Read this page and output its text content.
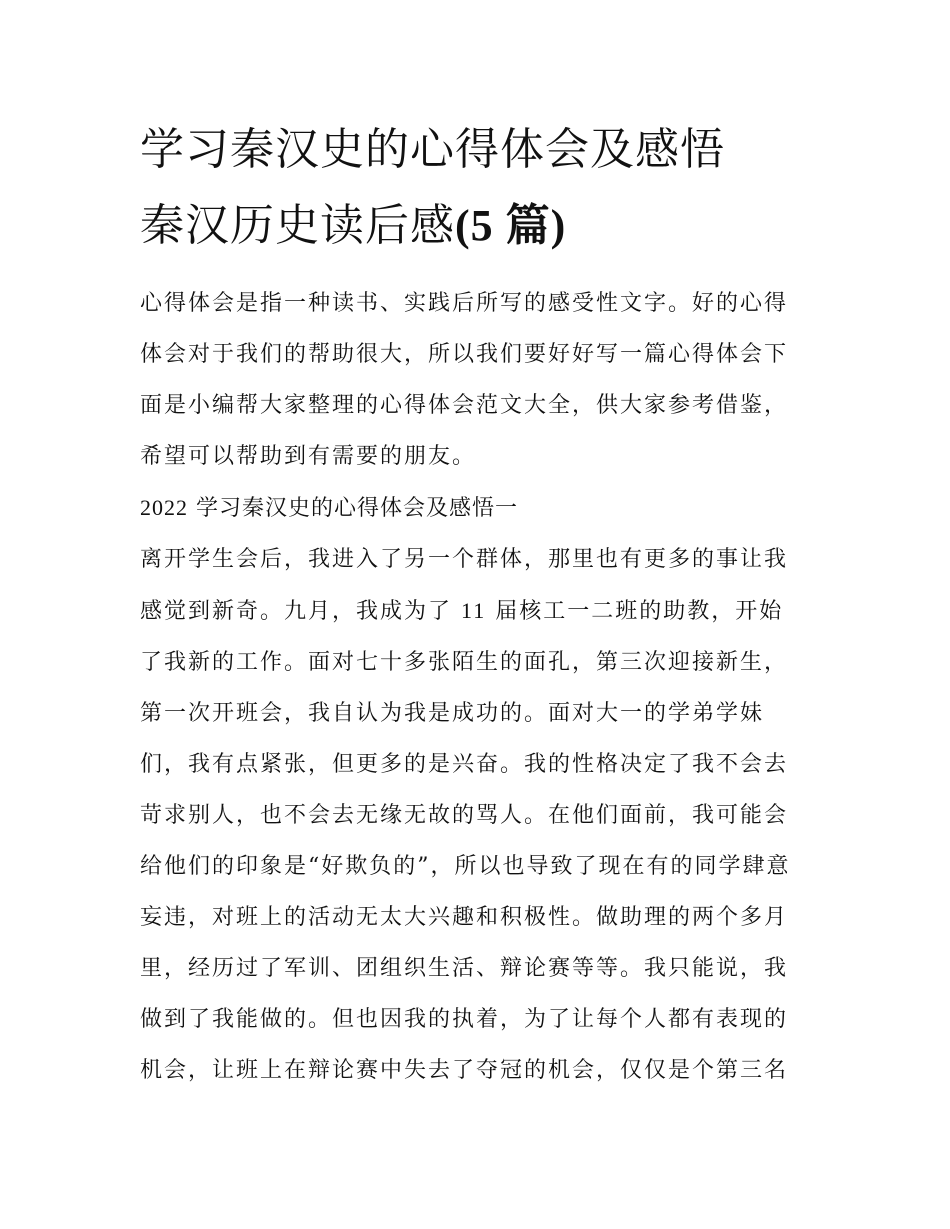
学习秦汉史的心得体会及感悟
秦汉历史读后感(5 篇)

心得体会是指一种读书、实践后所写的感受性文字。好的心得
体会对于我们的帮助很大，所以我们要好好写一篇心得体会下
面是小编帮大家整理的心得体会范文大全，供大家参考借鉴，
希望可以帮助到有需要的朋友。

2022 学习秦汉史的心得体会及感悟一

离开学生会后，我进入了另一个群体，那里也有更多的事让我
感觉到新奇。九月，我成为了 11 届核工一二班的助教，开始
了我新的工作。面对七十多张陌生的面孔，第三次迎接新生，
第一次开班会，我自认为我是成功的。面对大一的学弟学妹
们，我有点紧张，但更多的是兴奋。我的性格决定了我不会去
苛求别人，也不会去无缘无故的骂人。在他们面前，我可能会
给他们的印象是“好欺负的”，所以也导致了现在有的同学肆意
妄违，对班上的活动无太大兴趣和积极性。做助理的两个多月
里，经历过了军训、团组织生活、辩论赛等等。我只能说，我
做到了我能做的。但也因我的执着，为了让每个人都有表现的
机会，让班上在辩论赛中失去了夺冠的机会，仅仅是个第三名
